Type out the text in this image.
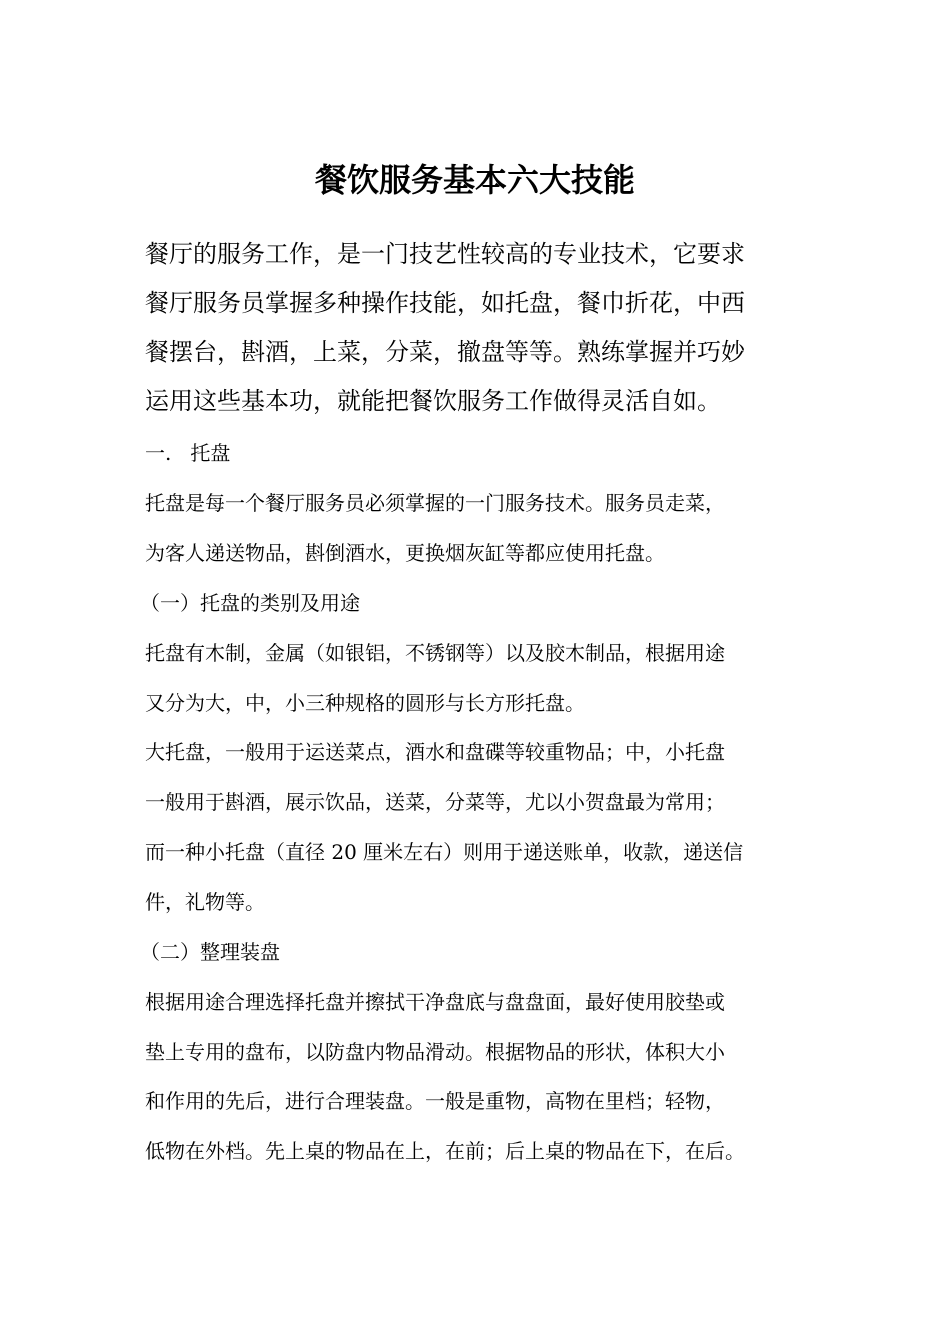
餐饮服务基本六大技能
餐厅的服务工作，是一门技艺性较高的专业技术，它要求
餐厅服务员掌握多种操作技能，如托盘，餐巾折花，中西
餐摆台，斟酒，上菜，分菜，撤盘等等。熟练掌握并巧妙
运用这些基本功，就能把餐饮服务工作做得灵活自如。
一.   托盘
托盘是每一个餐厅服务员必须掌握的一门服务技术。服务员走菜，
为客人递送物品，斟倒酒水，更换烟灰缸等都应使用托盘。
（一）托盘的类别及用途
托盘有木制，金属（如银铝，不锈钢等）以及胶木制品，根据用途
又分为大，中，小三种规格的圆形与长方形托盘。
大托盘，一般用于运送菜点，酒水和盘碟等较重物品；中，小托盘
一般用于斟酒，展示饮品，送菜，分菜等，尤以小贺盘最为常用；
而一种小托盘（直径 20 厘米左右）则用于递送账单，收款，递送信
件，礼物等。
（二）整理装盘
根据用途合理选择托盘并擦拭干净盘底与盘盘面，最好使用胶垫或
垫上专用的盘布，以防盘内物品滑动。根据物品的形状，体积大小
和作用的先后，进行合理装盘。一般是重物，高物在里档；轻物，
低物在外档。先上桌的物品在上，在前；后上桌的物品在下，在后。
